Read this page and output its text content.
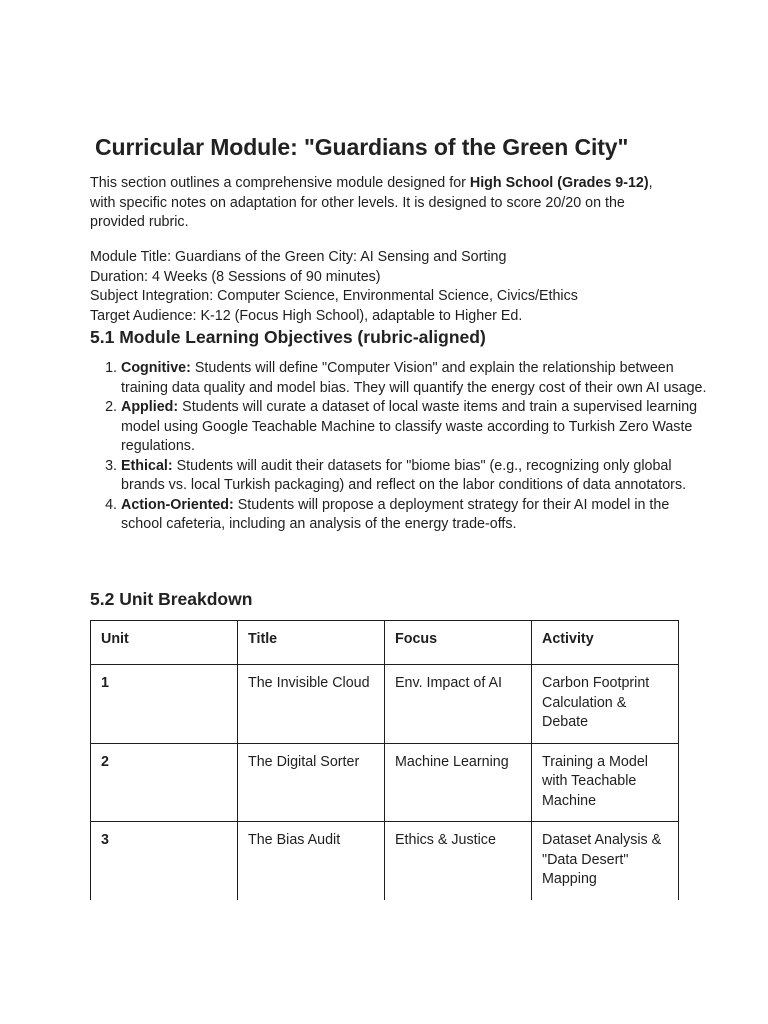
Curricular Module: "Guardians of the Green City"

This section outlines a comprehensive module designed for High School (Grades 9-12), with specific notes on adaptation for other levels. It is designed to score 20/20 on the provided rubric.

Module Title: Guardians of the Green City: AI Sensing and Sorting
Duration: 4 Weeks (8 Sessions of 90 minutes)
Subject Integration: Computer Science, Environmental Science, Civics/Ethics
Target Audience: K-12 (Focus High School), adaptable to Higher Ed.
5.1 Module Learning Objectives (rubric-aligned)
1. Cognitive: Students will define "Computer Vision" and explain the relationship between training data quality and model bias. They will quantify the energy cost of their own AI usage.
2. Applied: Students will curate a dataset of local waste items and train a supervised learning model using Google Teachable Machine to classify waste according to Turkish Zero Waste regulations.
3. Ethical: Students will audit their datasets for "biome bias" (e.g., recognizing only global brands vs. local Turkish packaging) and reflect on the labor conditions of data annotators.
4. Action-Oriented: Students will propose a deployment strategy for their AI model in the school cafeteria, including an analysis of the energy trade-offs.
5.2 Unit Breakdown
Unit	Title	Focus	Activity
1	The Invisible Cloud	Env. Impact of AI	Carbon Footprint Calculation & Debate
2	The Digital Sorter	Machine Learning	Training a Model with Teachable Machine
3	The Bias Audit	Ethics & Justice	Dataset Analysis & "Data Desert" Mapping
